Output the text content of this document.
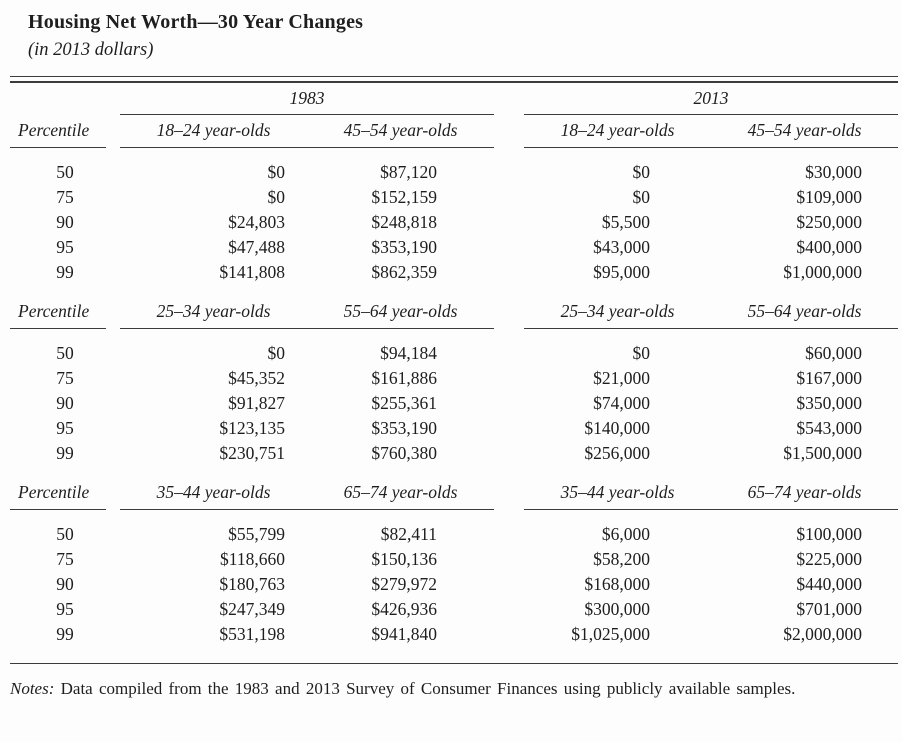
Housing Net Worth—30 Year Changes
(in 2013 dollars)
1983	2013
Percentile	18–24 year-olds	45–54 year-olds	18–24 year-olds	45–54 year-olds
50	$0	$87,120	$0	$30,000
75	$0	$152,159	$0	$109,000
90	$24,803	$248,818	$5,500	$250,000
95	$47,488	$353,190	$43,000	$400,000
99	$141,808	$862,359	$95,000	$1,000,000
Percentile	25–34 year-olds	55–64 year-olds	25–34 year-olds	55–64 year-olds
50	$0	$94,184	$0	$60,000
75	$45,352	$161,886	$21,000	$167,000
90	$91,827	$255,361	$74,000	$350,000
95	$123,135	$353,190	$140,000	$543,000
99	$230,751	$760,380	$256,000	$1,500,000
Percentile	35–44 year-olds	65–74 year-olds	35–44 year-olds	65–74 year-olds
50	$55,799	$82,411	$6,000	$100,000
75	$118,660	$150,136	$58,200	$225,000
90	$180,763	$279,972	$168,000	$440,000
95	$247,349	$426,936	$300,000	$701,000
99	$531,198	$941,840	$1,025,000	$2,000,000
Notes: Data compiled from the 1983 and 2013 Survey of Consumer Finances using publicly available samples.
